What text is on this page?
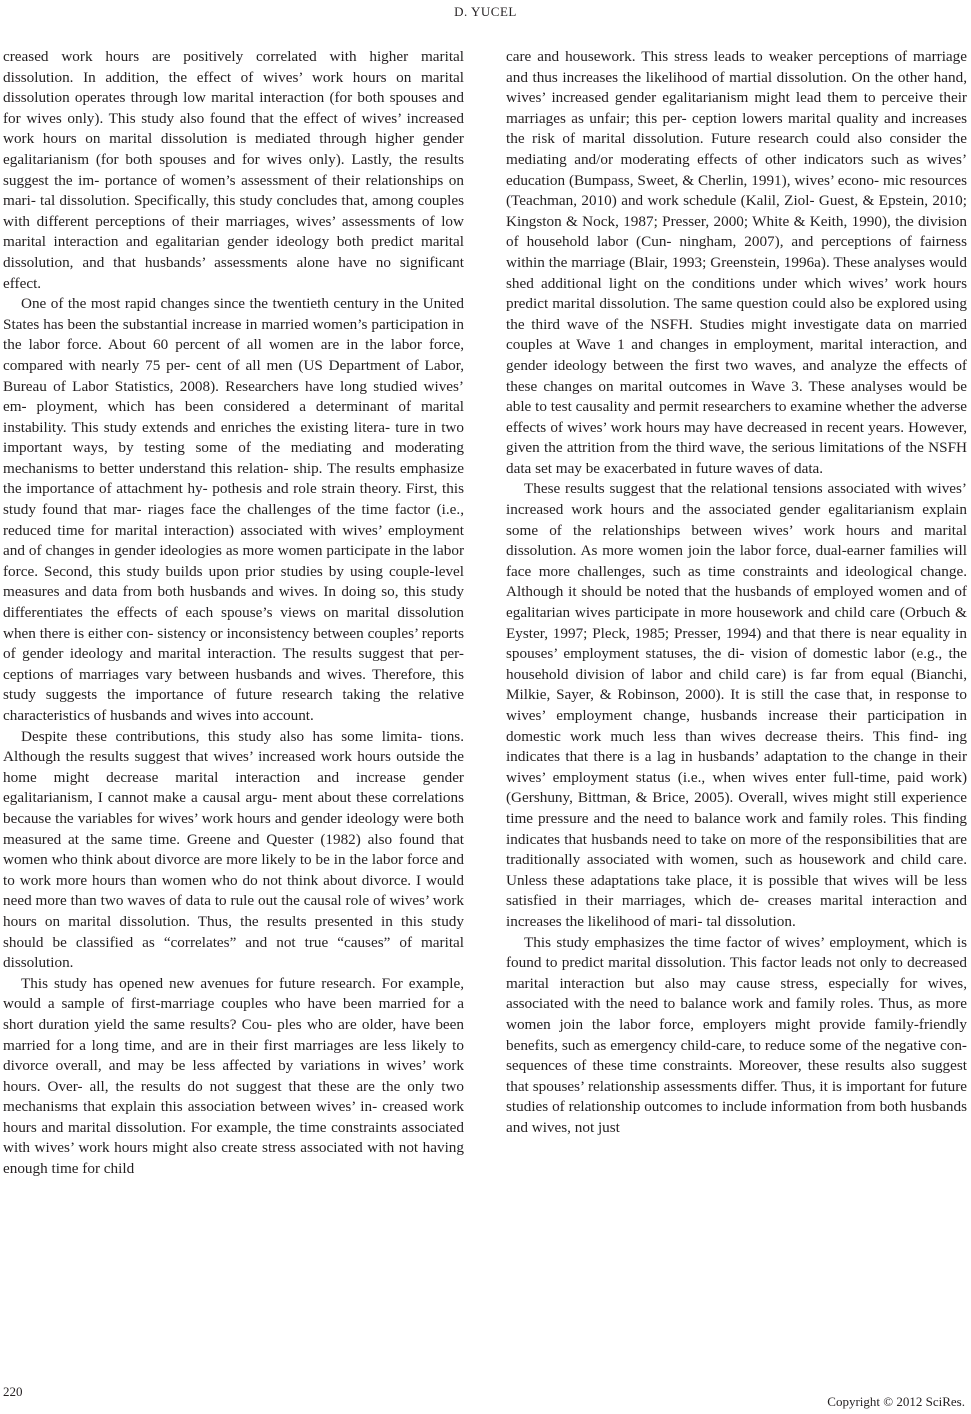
D. YUCEL

creased work hours are positively correlated with higher marital dissolution. In addition, the effect of wives’ work hours on marital dissolution operates through low marital interaction (for both spouses and for wives only). This study also found that the effect of wives’ increased work hours on marital dissolution is mediated through higher gender egalitarianism (for both spouses and for wives only). Lastly, the results suggest the im- portance of women’s assessment of their relationships on mari- tal dissolution. Specifically, this study concludes that, among couples with different perceptions of their marriages, wives’ assessments of low marital interaction and egalitarian gender ideology both predict marital dissolution, and that husbands’ assessments alone have no significant effect.

One of the most rapid changes since the twentieth century in the United States has been the substantial increase in married women’s participation in the labor force. About 60 percent of all women are in the labor force, compared with nearly 75 per- cent of all men (US Department of Labor, Bureau of Labor Statistics, 2008). Researchers have long studied wives’ em- ployment, which has been considered a determinant of marital instability. This study extends and enriches the existing litera- ture in two important ways, by testing some of the mediating and moderating mechanisms to better understand this relation- ship. The results emphasize the importance of attachment hy- pothesis and role strain theory. First, this study found that mar- riages face the challenges of the time factor (i.e., reduced time for marital interaction) associated with wives’ employment and of changes in gender ideologies as more women participate in the labor force. Second, this study builds upon prior studies by using couple-level measures and data from both husbands and wives. In doing so, this study differentiates the effects of each spouse’s views on marital dissolution when there is either con- sistency or inconsistency between couples’ reports of gender ideology and marital interaction. The results suggest that per- ceptions of marriages vary between husbands and wives. Therefore, this study suggests the importance of future research taking the relative characteristics of husbands and wives into account.

Despite these contributions, this study also has some limita- tions. Although the results suggest that wives’ increased work hours outside the home might decrease marital interaction and increase gender egalitarianism, I cannot make a causal argu- ment about these correlations because the variables for wives’ work hours and gender ideology were both measured at the same time. Greene and Quester (1982) also found that women who think about divorce are more likely to be in the labor force and to work more hours than women who do not think about divorce. I would need more than two waves of data to rule out the causal role of wives’ work hours on marital dissolution. Thus, the results presented in this study should be classified as “correlates” and not true “causes” of marital dissolution.

This study has opened new avenues for future research. For example, would a sample of first-marriage couples who have been married for a short duration yield the same results? Cou- ples who are older, have been married for a long time, and are in their first marriages are less likely to divorce overall, and may be less affected by variations in wives’ work hours. Over- all, the results do not suggest that these are the only two mechanisms that explain this association between wives’ in- creased work hours and marital dissolution. For example, the time constraints associated with wives’ work hours might also create stress associated with not having enough time for child

care and housework. This stress leads to weaker perceptions of marriage and thus increases the likelihood of martial dissolution. On the other hand, wives’ increased gender egalitarianism might lead them to perceive their marriages as unfair; this per- ception lowers marital quality and increases the risk of marital dissolution. Future research could also consider the mediating and/or moderating effects of other indicators such as wives’ education (Bumpass, Sweet, & Cherlin, 1991), wives’ econo- mic resources (Teachman, 2010) and work schedule (Kalil, Ziol- Guest, & Epstein, 2010; Kingston & Nock, 1987; Presser, 2000; White & Keith, 1990), the division of household labor (Cun- ningham, 2007), and perceptions of fairness within the marriage (Blair, 1993; Greenstein, 1996a). These analyses would shed additional light on the conditions under which wives’ work hours predict marital dissolution. The same question could also be explored using the third wave of the NSFH. Studies might investigate data on married couples at Wave 1 and changes in employment, marital interaction, and gender ideology between the first two waves, and analyze the effects of these changes on marital outcomes in Wave 3. These analyses would be able to test causality and permit researchers to examine whether the adverse effects of wives’ work hours may have decreased in recent years. However, given the attrition from the third wave, the serious limitations of the NSFH data set may be exacerbated in future waves of data.

These results suggest that the relational tensions associated with wives’ increased work hours and the associated gender egalitarianism explain some of the relationships between wives’ work hours and marital dissolution. As more women join the labor force, dual-earner families will face more challenges, such as time constraints and ideological change. Although it should be noted that the husbands of employed women and of egalitarian wives participate in more housework and child care (Orbuch & Eyster, 1997; Pleck, 1985; Presser, 1994) and that there is near equality in spouses’ employment statuses, the di- vision of domestic labor (e.g., the household division of labor and child care) is far from equal (Bianchi, Milkie, Sayer, & Robinson, 2000). It is still the case that, in response to wives’ employment change, husbands increase their participation in domestic work much less than wives decrease theirs. This find- ing indicates that there is a lag in husbands’ adaptation to the change in their wives’ employment status (i.e., when wives enter full-time, paid work) (Gershuny, Bittman, & Brice, 2005). Overall, wives might still experience time pressure and the need to balance work and family roles. This finding indicates that husbands need to take on more of the responsibilities that are traditionally associated with women, such as housework and child care. Unless these adaptations take place, it is possible that wives will be less satisfied in their marriages, which de- creases marital interaction and increases the likelihood of mari- tal dissolution.

This study emphasizes the time factor of wives’ employment, which is found to predict marital dissolution. This factor leads not only to decreased marital interaction but also may cause stress, especially for wives, associated with the need to balance work and family roles. Thus, as more women join the labor force, employers might provide family-friendly benefits, such as emergency child-care, to reduce some of the negative con- sequences of these time constraints. Moreover, these results also suggest that spouses’ relationship assessments differ. Thus, it is important for future studies of relationship outcomes to include information from both husbands and wives, not just

220
Copyright © 2012 SciRes.
